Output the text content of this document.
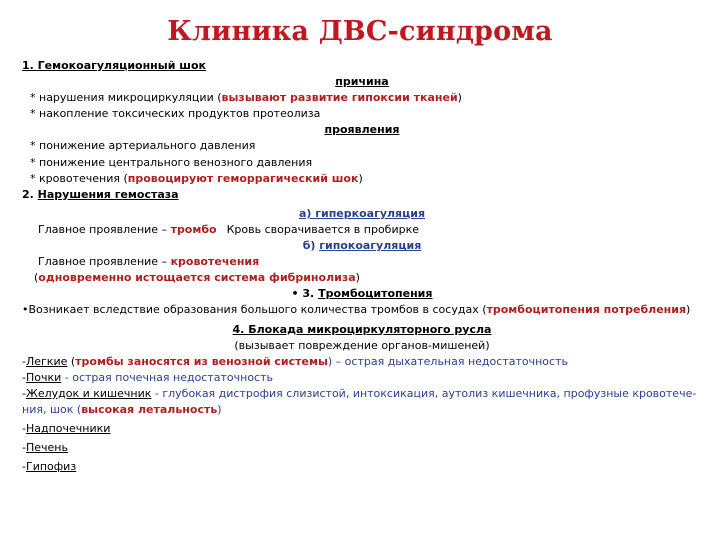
Клиника ДВС-синдрома
1. Гемокоагуляционный шок
причина
* нарушения микроциркуляции (вызывают развитие гипоксии тканей)
* накопление токсических продуктов протеолиза
проявления
* понижение артериального давления
* понижение центрального венозного давления
* кровотечения (провоцируют геморрагический шок)
2. Нарушения гемостаза
а) гиперкоагуляция
Главное проявление – тромбо Кровь сворачивается в пробирке
б) гипокоагуляция
Главное проявление – кровотечения
(одновременно истощается система фибринолиза)
• 3. Тромбоцитопения
•Возникает вследствие образования большого количества тромбов в сосудах (тромбоцитопения потребления)
4. Блокада микроциркуляторного русла
(вызывает повреждение органов-мишеней)
-Легкие (тромбы заносятся из венозной системы) – острая дыхательная недостаточность
-Почки - острая почечная недостаточность
-Желудок и кишечник - глубокая дистрофия слизистой, интоксикация, аутолиз кишечника, профузные кровотече-ния, шок (высокая летальность)
-Надпочечники
-Печень
-Гипофиз
